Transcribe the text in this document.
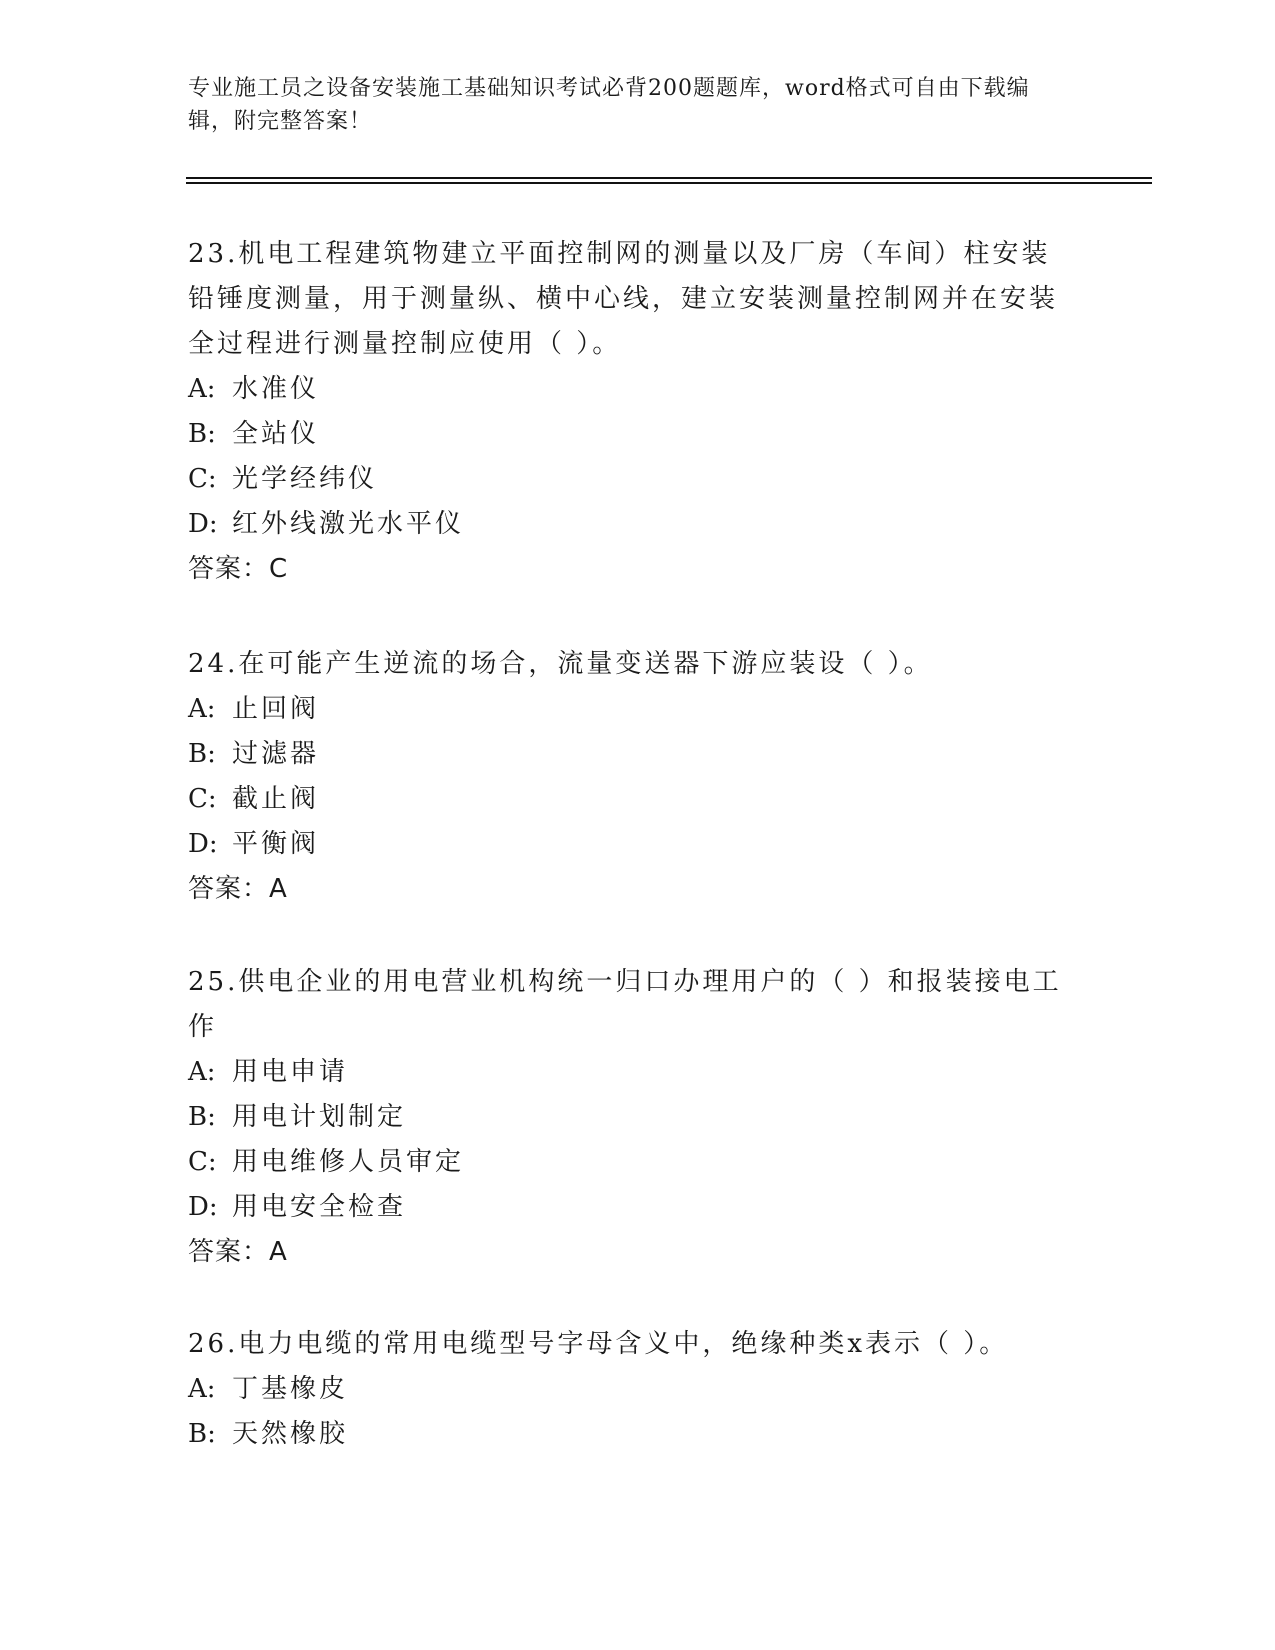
专业施工员之设备安装施工基础知识考试必背200题题库，word格式可自由下载编辑，附完整答案！

23.机电工程建筑物建立平面控制网的测量以及厂房（车间）柱安装铅锤度测量，用于测量纵、横中心线，建立安装测量控制网并在安装全过程进行测量控制应使用（ ）。

A: 水准仪

B: 全站仪

C: 光学经纬仪

D: 红外线激光水平仪

答案：C

24.在可能产生逆流的场合，流量变送器下游应装设（ ）。

A: 止回阀

B: 过滤器

C: 截止阀

D: 平衡阀

答案：A

25.供电企业的用电营业机构统一归口办理用户的（ ）和报装接电工作

A: 用电申请

B: 用电计划制定

C: 用电维修人员审定

D: 用电安全检查

答案：A

26.电力电缆的常用电缆型号字母含义中，绝缘种类x表示（ ）。

A: 丁基橡皮

B: 天然橡胶
